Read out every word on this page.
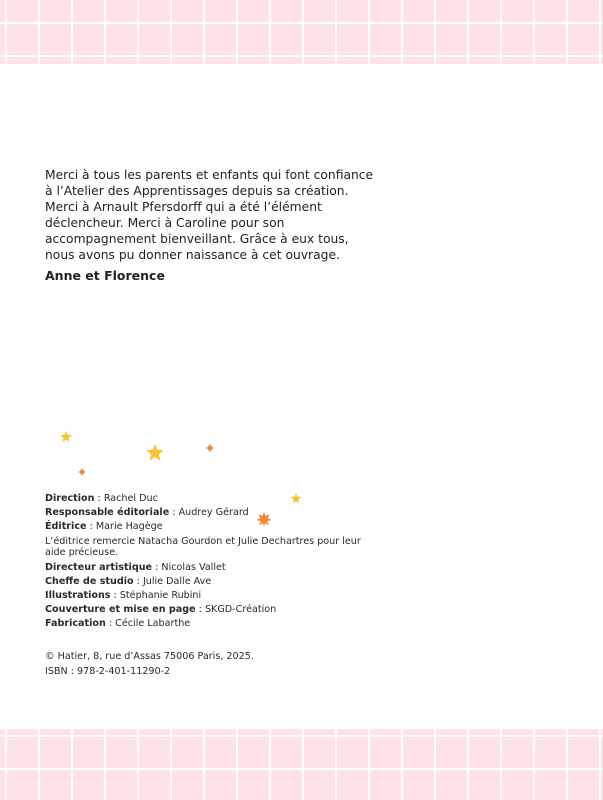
Merci à tous les parents et enfants qui font confiance à l’Atelier des Apprentissages depuis sa création. Merci à Arnault Pfersdorff qui a été l’élément déclencheur. Merci à Caroline pour son accompagnement bienveillant. Grâce à eux tous, nous avons pu donner naissance à cet ouvrage.

Anne et Florence

Direction : Rachel Duc
Responsable éditoriale : Audrey Gérard
Éditrice : Marie Hagège
L’éditrice remercie Natacha Gourdon et Julie Dechartres pour leur aide précieuse.
Directeur artistique : Nicolas Vallet
Cheffe de studio : Julie Dalle Ave
Illustrations : Stéphanie Rubini
Couverture et mise en page : SKGD-Création
Fabrication : Cécile Labarthe
© Hatier, 8, rue d’Assas 75006 Paris, 2025.
ISBN : 978-2-401-11290-2
